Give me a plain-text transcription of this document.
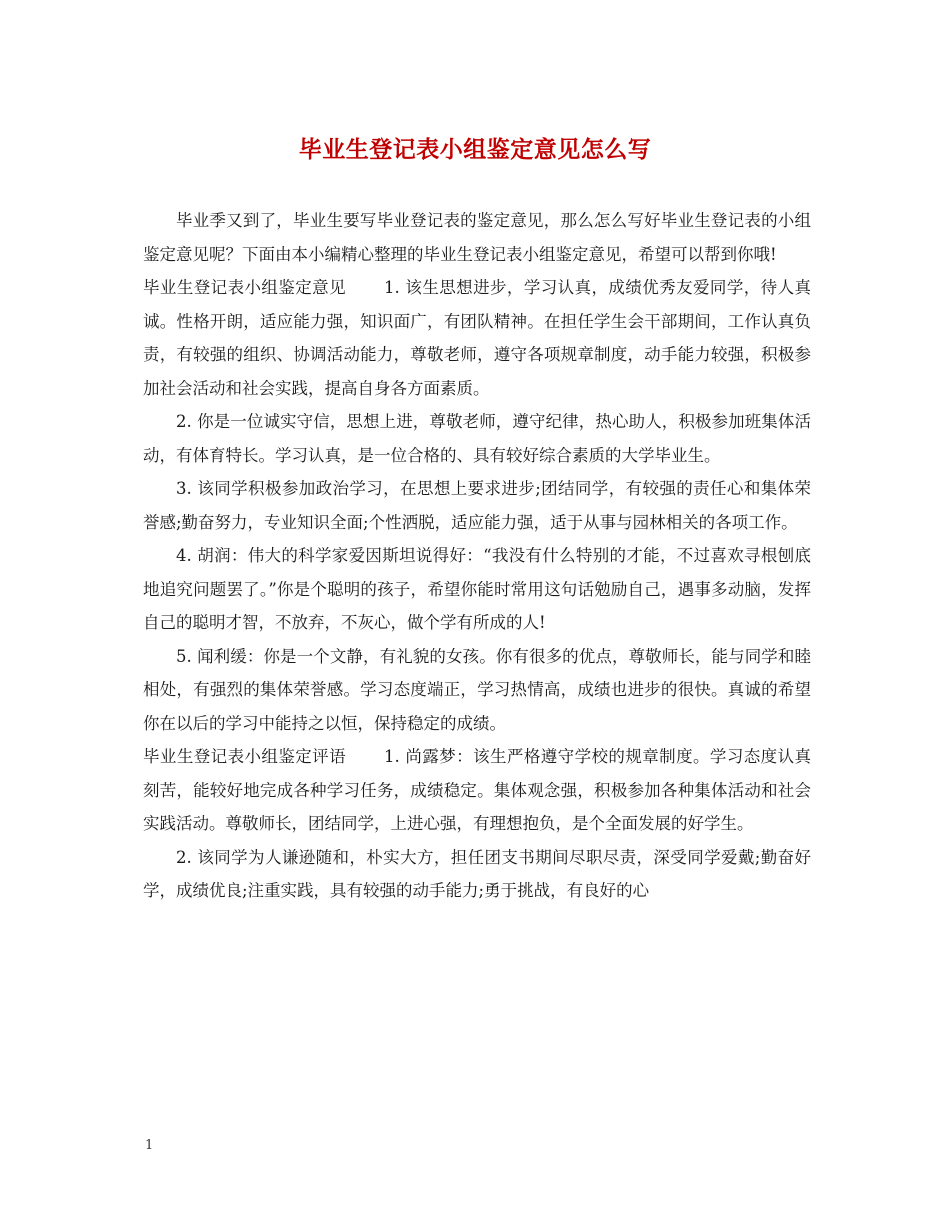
毕业生登记表小组鉴定意见怎么写

毕业季又到了，毕业生要写毕业登记表的鉴定意见，那么怎么写好毕业生登记表的小组鉴定意见呢？下面由本小编精心整理的毕业生登记表小组鉴定意见，希望可以帮到你哦!

毕业生登记表小组鉴定意见 1. 该生思想进步，学习认真，成绩优秀友爱同学，待人真诚。性格开朗，适应能力强，知识面广，有团队精神。在担任学生会干部期间，工作认真负责，有较强的组织、协调活动能力，尊敬老师，遵守各项规章制度，动手能力较强，积极参加社会活动和社会实践，提高自身各方面素质。

2. 你是一位诚实守信，思想上进，尊敬老师，遵守纪律，热心助人，积极参加班集体活动，有体育特长。学习认真，是一位合格的、具有较好综合素质的大学毕业生。

3. 该同学积极参加政治学习，在思想上要求进步;团结同学，有较强的责任心和集体荣誉感;勤奋努力，专业知识全面;个性洒脱，适应能力强，适于从事与园林相关的各项工作。

4. 胡润：伟大的科学家爱因斯坦说得好：“我没有什么特别的才能，不过喜欢寻根刨底地追究问题罢了。”你是个聪明的孩子，希望你能时常用这句话勉励自己，遇事多动脑，发挥自己的聪明才智，不放弃，不灰心，做个学有所成的人!

5. 闻利缓：你是一个文静，有礼貌的女孩。你有很多的优点，尊敬师长，能与同学和睦相处，有强烈的集体荣誉感。学习态度端正，学习热情高，成绩也进步的很快。真诚的希望你在以后的学习中能持之以恒，保持稳定的成绩。

毕业生登记表小组鉴定评语 1. 尚露梦：该生严格遵守学校的规章制度。学习态度认真刻苦，能较好地完成各种学习任务，成绩稳定。集体观念强，积极参加各种集体活动和社会实践活动。尊敬师长，团结同学，上进心强，有理想抱负，是个全面发展的好学生。

2. 该同学为人谦逊随和，朴实大方，担任团支书期间尽职尽责，深受同学爱戴;勤奋好学，成绩优良;注重实践，具有较强的动手能力;勇于挑战，有良好的心

1
